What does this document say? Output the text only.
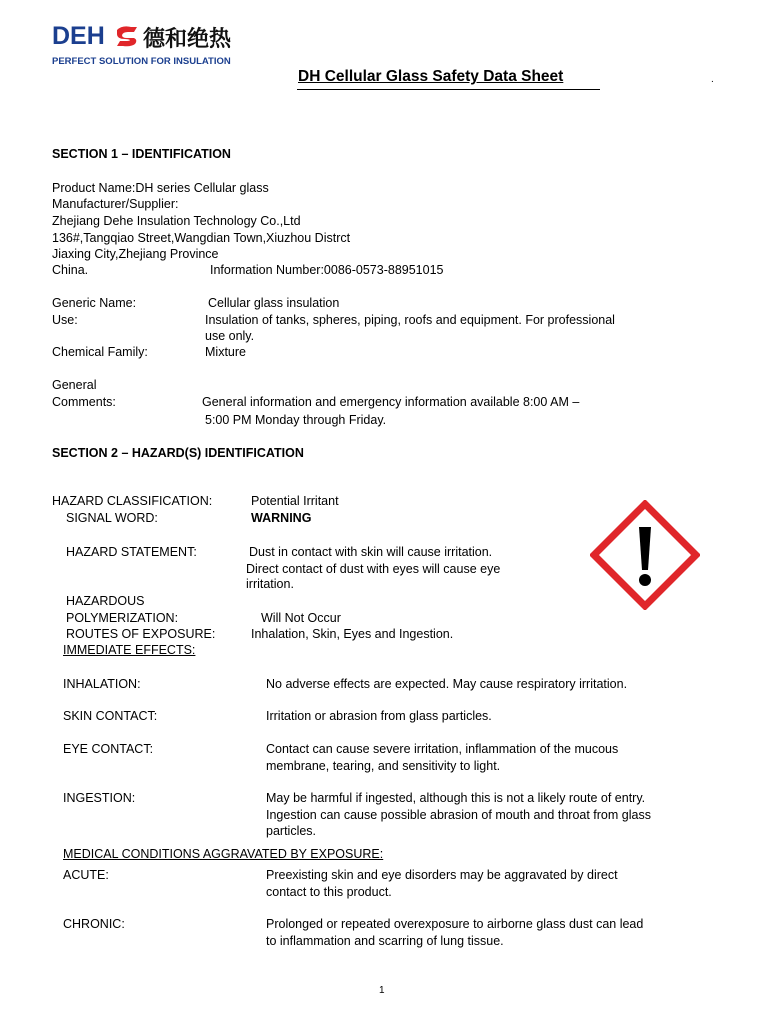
DEH 德和绝热
PERFECT SOLUTION FOR INSULATION
DH Cellular Glass Safety Data Sheet	.
SECTION 1 – IDENTIFICATION
Product Name:DH series Cellular glass
Manufacturer/Supplier:
Zhejiang Dehe Insulation Technology Co.,Ltd
136#,Tangqiao Street,Wangdian Town,Xiuzhou Distrct
Jiaxing City,Zhejiang Province
China.	Information Number:0086-0573-88951015
Generic Name:	Cellular glass insulation
Use:	Insulation of tanks, spheres, piping, roofs and equipment. For professional
use only.
Chemical Family:	Mixture
General
Comments:	General information and emergency information available 8:00 AM –
5:00 PM Monday through Friday.
SECTION 2 – HAZARD(S) IDENTIFICATION
HAZARD CLASSIFICATION:	Potential Irritant
SIGNAL WORD:	WARNING
HAZARD STATEMENT:	Dust in contact with skin will cause irritation.
Direct contact of dust with eyes will cause eye
irritation.
HAZARDOUS
POLYMERIZATION:	Will Not Occur
ROUTES OF EXPOSURE:	Inhalation, Skin, Eyes and Ingestion.
IMMEDIATE EFFECTS:
INHALATION:	No adverse effects are expected. May cause respiratory irritation.
SKIN CONTACT:	Irritation or abrasion from glass particles.
EYE CONTACT:	Contact can cause severe irritation, inflammation of the mucous
membrane, tearing, and sensitivity to light.
INGESTION:	May be harmful if ingested, although this is not a likely route of entry.
Ingestion can cause possible abrasion of mouth and throat from glass
particles.
MEDICAL CONDITIONS AGGRAVATED BY EXPOSURE:
ACUTE:	Preexisting skin and eye disorders may be aggravated by direct
contact to this product.
CHRONIC:	Prolonged or repeated overexposure to airborne glass dust can lead
to inflammation and scarring of lung tissue.
1
